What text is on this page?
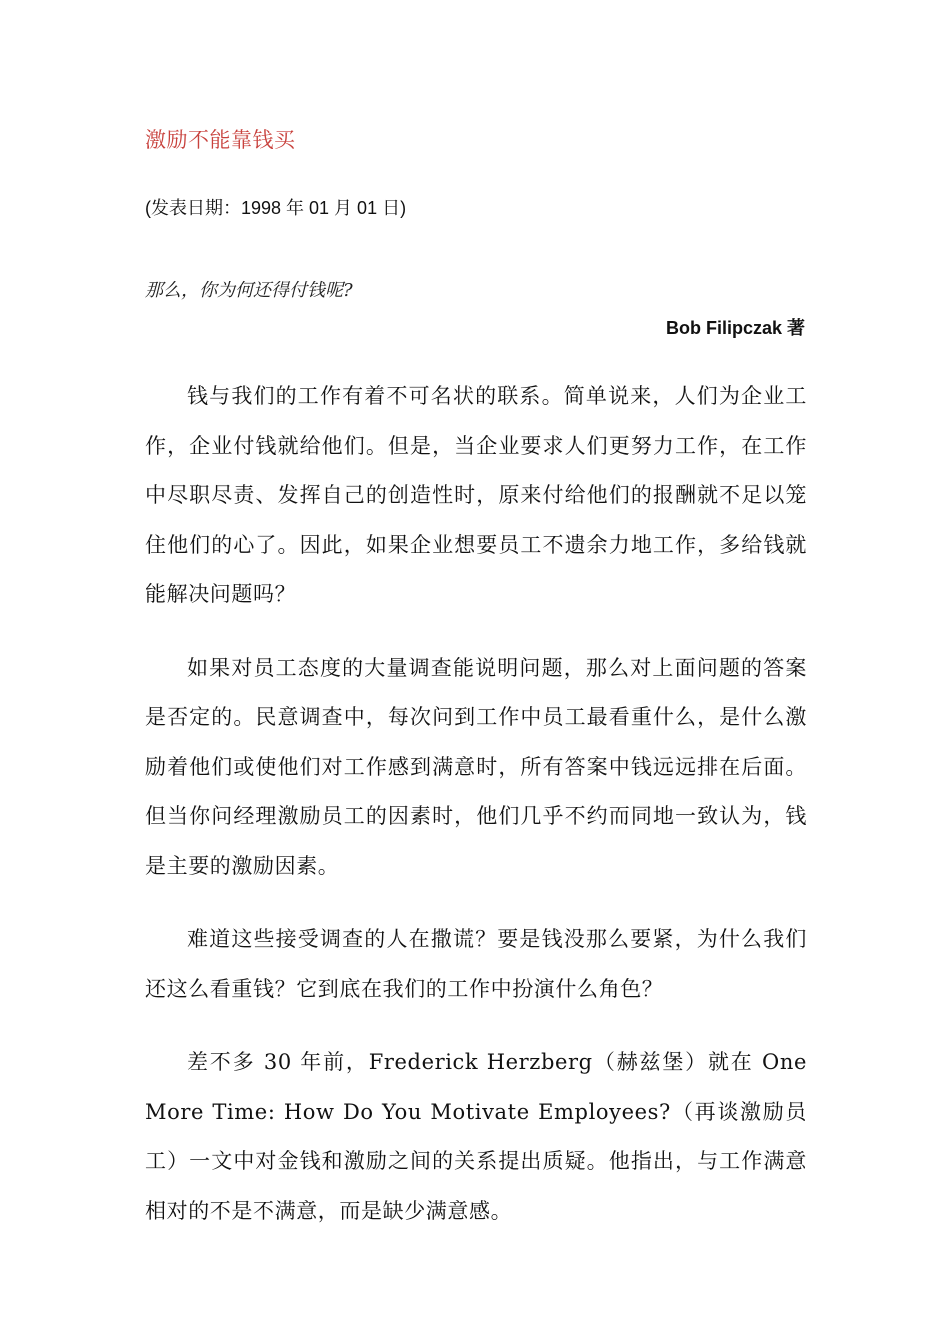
激励不能靠钱买
(发表日期：1998 年 01 月 01 日)
那么，你为何还得付钱呢?
Bob Filipczak 著

钱与我们的工作有着不可名状的联系。简单说来，人们为企业工作，企业付钱就给他们。但是，当企业要求人们更努力工作，在工作中尽职尽责、发挥自己的创造性时，原来付给他们的报酬就不足以笼住他们的心了。因此，如果企业想要员工不遗余力地工作，多给钱就能解决问题吗？

如果对员工态度的大量调查能说明问题，那么对上面问题的答案是否定的。民意调查中，每次问到工作中员工最看重什么，是什么激励着他们或使他们对工作感到满意时，所有答案中钱远远排在后面。但当你问经理激励员工的因素时，他们几乎不约而同地一致认为，钱是主要的激励因素。

难道这些接受调查的人在撒谎？要是钱没那么要紧，为什么我们还这么看重钱？它到底在我们的工作中扮演什么角色？

差不多 30 年前，Frederick Herzberg（赫兹堡）就在 One More Time: How Do You Motivate Employees?（再谈激励员工）一文中对金钱和激励之间的关系提出质疑。他指出，与工作满意相对的不是不满意，而是缺少满意感。
